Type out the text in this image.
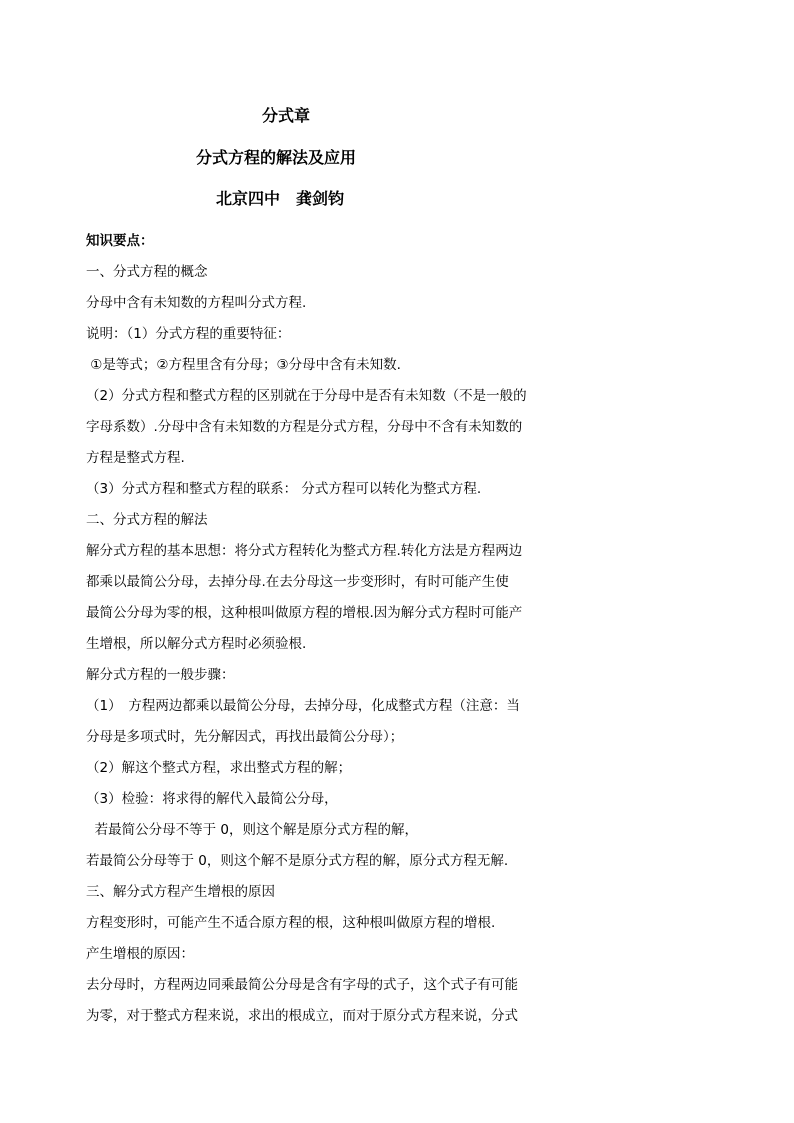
分式章
分式方程的解法及应用
北京四中　龚剑钧
知识要点：
一、分式方程的概念
分母中含有未知数的方程叫分式方程.
说明：（1）分式方程的重要特征：
①是等式；②方程里含有分母；③分母中含有未知数.
（2）分式方程和整式方程的区别就在于分母中是否有未知数（不是一般的
字母系数）.分母中含有未知数的方程是分式方程，分母中不含有未知数的
方程是整式方程.
（3）分式方程和整式方程的联系： 分式方程可以转化为整式方程.
二、分式方程的解法
解分式方程的基本思想：将分式方程转化为整式方程.转化方法是方程两边
都乘以最简公分母，去掉分母.在去分母这一步变形时，有时可能产生使
最简公分母为零的根，这种根叫做原方程的增根.因为解分式方程时可能产
生增根，所以解分式方程时必须验根.
解分式方程的一般步骤：
（1）　方程两边都乘以最简公分母，去掉分母，化成整式方程（注意：当
分母是多项式时，先分解因式，再找出最简公分母）；
（2）解这个整式方程，求出整式方程的解；
（3）检验：将求得的解代入最简公分母，
若最简公分母不等于 0，则这个解是原分式方程的解，
若最简公分母等于 0，则这个解不是原分式方程的解，原分式方程无解.
三、解分式方程产生增根的原因
方程变形时，可能产生不适合原方程的根，这种根叫做原方程的增根.
产生增根的原因：
去分母时，方程两边同乘最简公分母是含有字母的式子，这个式子有可能
为零，对于整式方程来说，求出的根成立，而对于原分式方程来说，分式
